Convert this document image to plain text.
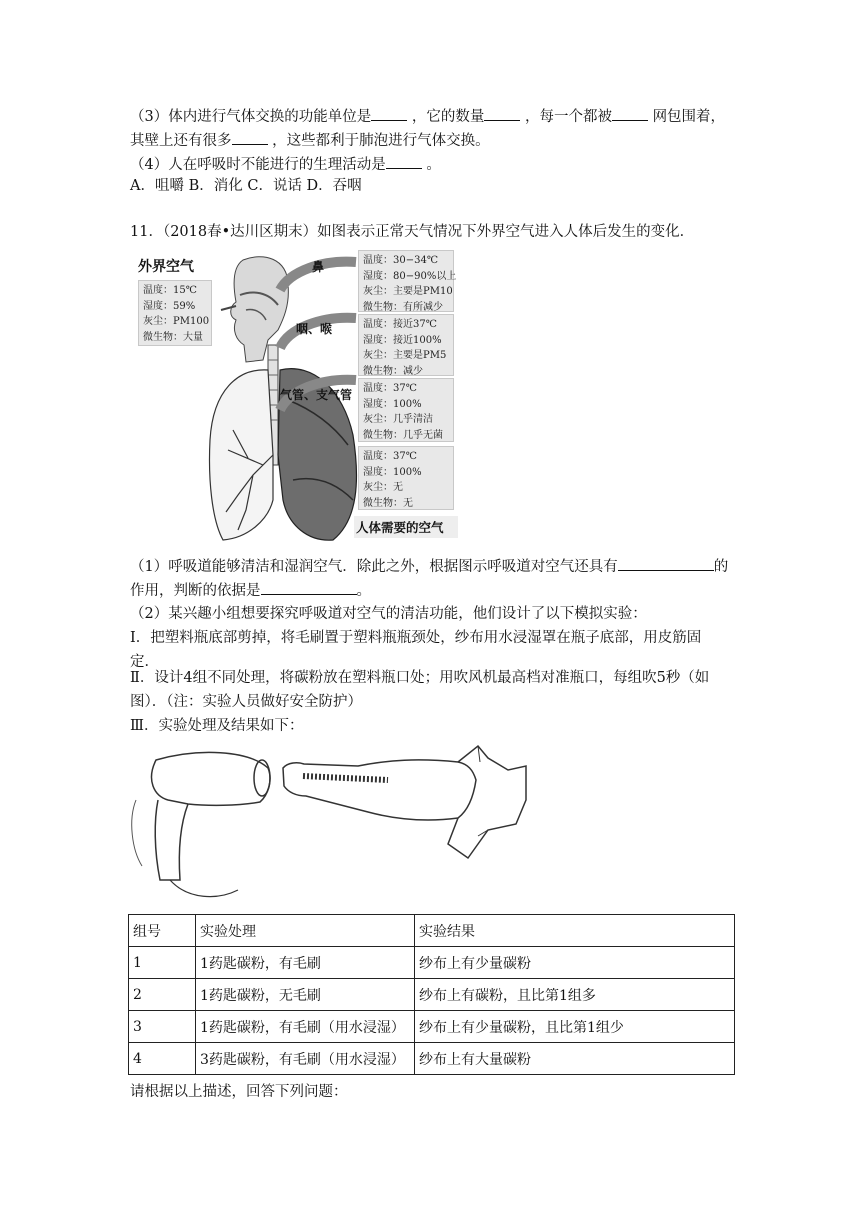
（3）体内进行气体交换的功能单位是	，它的数量	，每一个都被	网包围着，
其壁上还有很多	，这些都利于肺泡进行气体交换。
（4）人在呼吸时不能进行的生理活动是	。
A．咀嚼 B．消化 C．说话 D．吞咽
11．（2018春•达川区期末）如图表示正常天气情况下外界空气进入人体后发生的变化．
外界空气
温度：15℃
湿度：59%
灰尘：PM100
微生物：大量
鼻
咽、喉
气管、支气管
温度：30−34℃
湿度：80−90%以上
灰尘：主要是PM10
微生物：有所减少
温度：接近37℃
湿度：接近100%
灰尘：主要是PM5
微生物：减少
温度：37℃
湿度：100%
灰尘：几乎清洁
微生物：几乎无菌
温度：37℃
湿度：100%
灰尘：无
微生物：无
人体需要的空气
（1）呼吸道能够清洁和湿润空气．除此之外，根据图示呼吸道对空气还具有	的
作用，判断的依据是	。
（2）某兴趣小组想要探究呼吸道对空气的清洁功能，他们设计了以下模拟实验：
Ⅰ．把塑料瓶底部剪掉，将毛刷置于塑料瓶瓶颈处，纱布用水浸湿罩在瓶子底部，用皮筋固
定．
Ⅱ．设计4组不同处理，将碳粉放在塑料瓶口处；用吹风机最高档对准瓶口，每组吹5秒（如
图）．（注：实验人员做好安全防护）
Ⅲ．实验处理及结果如下：
组号	实验处理	实验结果
1	1药匙碳粉，有毛刷	纱布上有少量碳粉
2	1药匙碳粉，无毛刷	纱布上有碳粉，且比第1组多
3	1药匙碳粉，有毛刷（用水浸湿）	纱布上有少量碳粉，且比第1组少
4	3药匙碳粉，有毛刷（用水浸湿）	纱布上有大量碳粉
请根据以上描述，回答下列问题：
